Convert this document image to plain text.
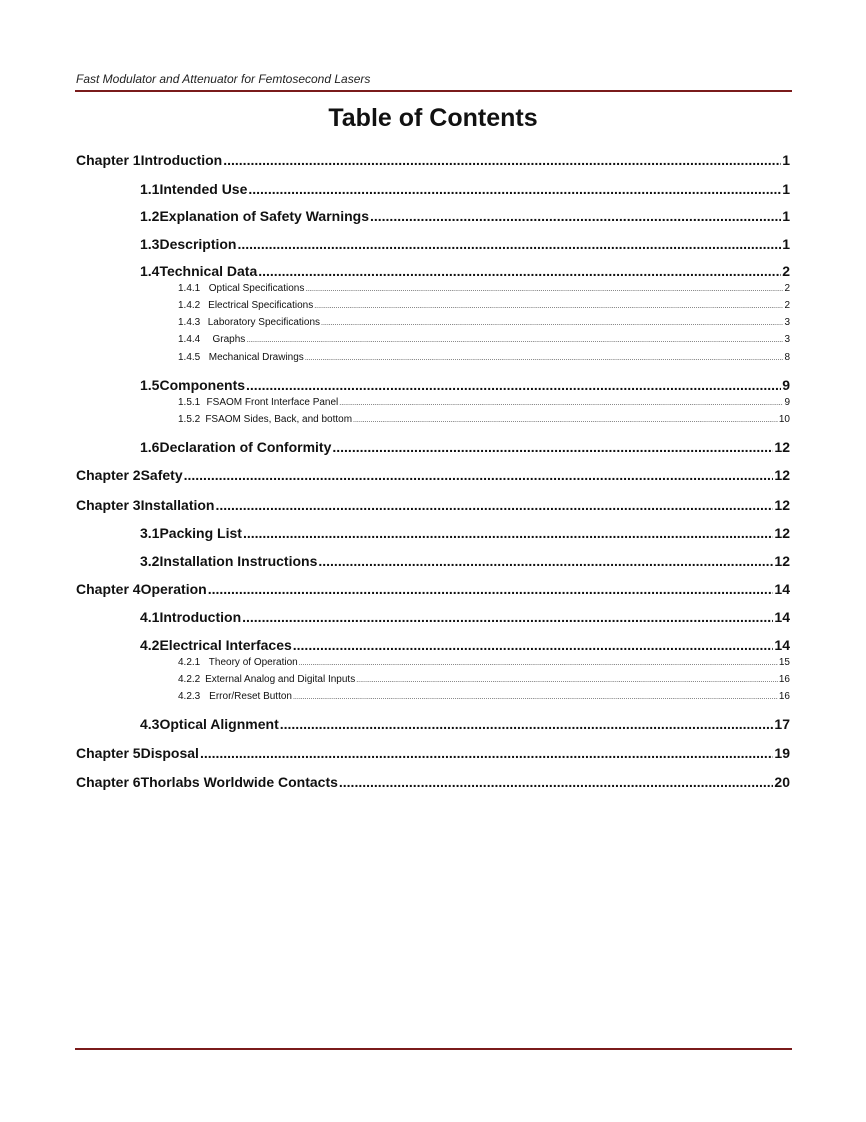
Fast Modulator and Attenuator for Femtosecond Lasers
Table of Contents
Chapter 1 Introduction .....	1
1.1 Intended Use .....	1
1.2 Explanation of Safety Warnings .....	1
1.3 Description .....	1
1.4 Technical Data .....	2
1.4.1 Optical Specifications .....	2
1.4.2 Electrical Specifications .....	2
1.4.3 Laboratory Specifications .....	3
1.4.4	Graphs .....	3
1.4.5 Mechanical Drawings .....	8
1.5 Components .....	9
1.5.1 FSAOM Front Interface Panel .....	9
1.5.2 FSAOM Sides, Back, and bottom .....	10
1.6 Declaration of Conformity .....	12
Chapter 2 Safety .....	12
Chapter 3 Installation .....	12
3.1 Packing List .....	12
3.2 Installation Instructions .....	12
Chapter 4 Operation .....	14
4.1 Introduction .....	14
4.2 Electrical Interfaces .....	14
4.2.1 Theory of Operation .....	15
4.2.2 External Analog and Digital Inputs .....	16
4.2.3 Error/Reset Button .....	16
4.3 Optical Alignment .....	17
Chapter 5 Disposal .....	19
Chapter 6 Thorlabs Worldwide Contacts .....	20
